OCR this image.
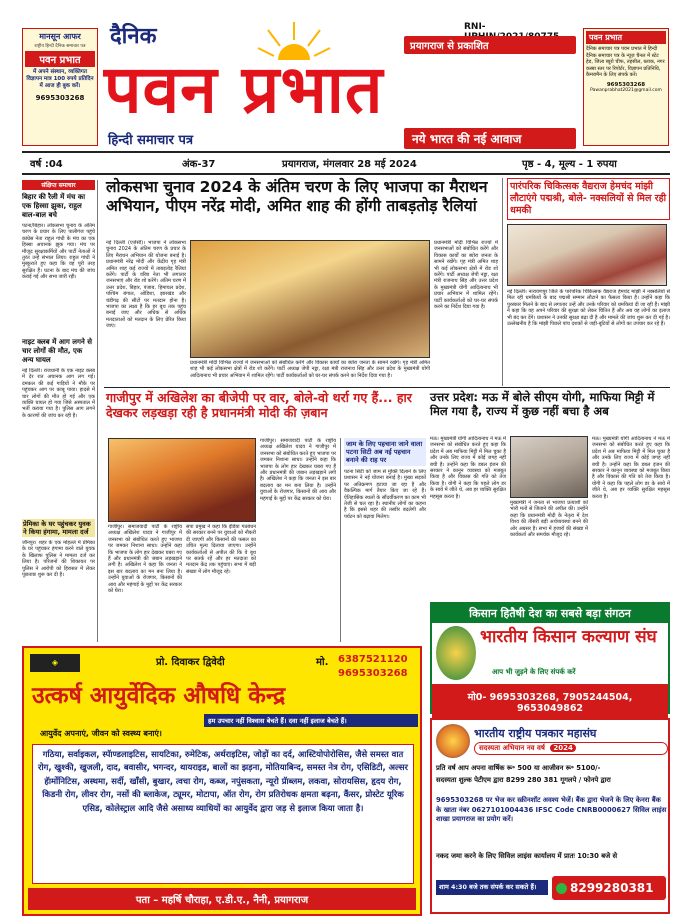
मानसून आफर
राष्ट्रीय हिन्दी दैनिक समाचार पत्र
पवन प्रभात
में अपने संस्थान, व्यक्तिगत विज्ञापन मात्र 100 रुपये प्रतिदिन में आज ही बुक करें।
9695303268
दैनिक	RNI-
प्रयागराज से प्रकाशित
पवन प्रभात
हिन्दी समाचार पत्र	नये भारत की नई आवाज
पवन प्रभात
दैनिक समाचार पत्र पवन प्रभात में हिन्दी दैनिक समाचार पत्र के न्यूज़ चैनल में स्टेट हेड, जिला ब्यूरो चीफ, तहसील, ब्लाक, नगर कस्बा स्तर पर रिपोर्टर, विज्ञापन प्रतिनिधि, कैमरामैन के लिए संपर्क करें।
9695303268
Pawanprabhat2021@gmail.com
वर्ष :04	अंक-37	प्रयागराज, मंगलवार 28 मई 2024	पृष्ठ - 4, मूल्य - 1 रुपया
संक्षिप्त समाचार
बिहार की रैली में मंच का एक हिस्सा झुका, राहुल बाल-बाल बचे
पटना/बिहार। लोकसभा चुनाव के अंतिम चरण के प्रचार के लिए पालीगंज पहुंचे कांग्रेस नेता राहुल गांधी के मंच का एक हिस्सा अचानक झुक गया। मंच पर मौजूद सुरक्षाकर्मियों और पार्टी नेताओं ने तुरंत उन्हें संभाल लिया। राहुल गांधी ने मुस्कुराते हुए कहा कि वह पूरी तरह सुरक्षित हैं। घटना के बाद मंच की जांच कराई गई और सभा जारी रही।
नाइट क्लब में आग लगने से चार लोगों की मौत, एक अन्य घायल
नई दिल्ली। राजधानी के एक नाइट क्लब में देर रात अचानक आग लग गई। दमकल की कई गाड़ियों ने मौके पर पहुंचकर आग पर काबू पाया। हादसे में चार लोगों की मौत हो गई और एक व्यक्ति घायल हो गया जिसे अस्पताल में भर्ती कराया गया है। पुलिस आग लगने के कारणों की जांच कर रही है।
प्रेमिका के घर पहुंचकर युवक ने किया हंगामा, मामला दर्ज
जौनपुर। शहर के एक मोहल्ले में प्रेमिका के घर पहुंचकर हंगामा करने वाले युवक के खिलाफ पुलिस ने मामला दर्ज कर लिया है। परिजनों की शिकायत पर पुलिस ने आरोपी को हिरासत में लेकर पूछताछ शुरू कर दी है।
लोकसभा चुनाव 2024 के अंतिम चरण के लिए भाजपा का मैराथन अभियान, पीएम नरेंद्र मोदी, अमित शाह की होंगी ताबड़तोड़ रैलियां
नई दिल्ली (एजेंसी)। भाजपा ने लोकसभा चुनाव 2024 के अंतिम चरण के प्रचार के लिए मैराथन अभियान की योजना बनाई है। प्रधानमंत्री नरेंद्र मोदी और केंद्रीय गृह मंत्री अमित शाह कई राज्यों में ताबड़तोड़ रैलियां करेंगे। पार्टी के वरिष्ठ नेता भी लगातार जनसभाएं और रोड शो करेंगे। अंतिम चरण में उत्तर प्रदेश, बिहार, पंजाब, हिमाचल प्रदेश, पश्चिम बंगाल, ओडिशा, झारखंड और चंडीगढ़ की सीटों पर मतदान होना है। भाजपा का लक्ष्य है कि हर बूथ तक पहुंच बनाई जाए और अधिक से अधिक मतदाताओं को मतदान के लिए प्रेरित किया जाए।
प्रधानमंत्री मोदी विभिन्न राज्यों में जनसभाओं को संबोधित करेंगे और विकास कार्यों का ब्योरा जनता के सामने रखेंगे। गृह मंत्री अमित शाह भी कई लोकसभा क्षेत्रों में रोड शो करेंगे। पार्टी अध्यक्ष जेपी नड्डा, रक्षा मंत्री राजनाथ सिंह और उत्तर प्रदेश के मुख्यमंत्री योगी आदित्यनाथ भी प्रचार अभियान में शामिल रहेंगे। पार्टी कार्यकर्ताओं को घर-घर संपर्क करने का निर्देश दिया गया है।
प्रधानमंत्री मोदी विभिन्न राज्यों में जनसभाओं को संबोधित करेंगे और विकास कार्यों का ब्योरा जनता के सामने रखेंगे। गृह मंत्री अमित शाह भी कई लोकसभा क्षेत्रों में रोड शो करेंगे। पार्टी अध्यक्ष जेपी नड्डा, रक्षा मंत्री राजनाथ सिंह और उत्तर प्रदेश के मुख्यमंत्री योगी आदित्यनाथ भी प्रचार अभियान में शामिल रहेंगे। पार्टी कार्यकर्ताओं को घर-घर संपर्क करने का निर्देश दिया गया है।
पारंपरिक चिकित्सक वैद्यराज हेमचंद मांझी लौटाएंगे पद्मश्री, बोले- नक्सलियों से मिल रही धमकी
नई दिल्ली। नारायणपुर जिले के पारंपरिक चिकित्सक वैद्यराज हेमचंद मांझी ने नक्सलियों से मिल रही धमकियों के बाद पद्मश्री सम्मान लौटाने का फैसला किया है। उन्होंने कहा कि पुरस्कार मिलने के बाद से लगातार उन्हें और उनके परिवार को धमकियां दी जा रही हैं। मांझी ने कहा कि वह अपने परिवार की सुरक्षा को लेकर चिंतित हैं और अब वह लोगों का इलाज भी बंद कर देंगे। प्रशासन ने उनकी सुरक्षा बढ़ा दी है और मामले की जांच शुरू कर दी गई है। उल्लेखनीय है कि मांझी पिछले पांच दशकों से जड़ी-बूटियों से लोगों का उपचार कर रहे हैं।
गाजीपुर में अखिलेश का बीजेपी पर वार, बोले-वो थर्रा गए हैं... हार देखकर लड़खड़ा रही है प्रधानमंत्री मोदी की ज़बान
गाजीपुर। समाजवादी पार्टी के राष्ट्रीय अध्यक्ष अखिलेश यादव ने गाजीपुर में जनसभा को संबोधित करते हुए भाजपा पर जमकर निशाना साधा। उन्होंने कहा कि भाजपा के लोग हार देखकर घबरा गए हैं और प्रधानमंत्री की जबान लड़खड़ाने लगी है। अखिलेश ने कहा कि जनता ने इस बार बदलाव का मन बना लिया है। उन्होंने युवाओं के रोजगार, किसानों की आय और महंगाई के मुद्दों पर केंद्र सरकार को घेरा।
सपा प्रमुख ने कहा कि इंडिया गठबंधन की सरकार बनने पर युवाओं को नौकरी दी जाएगी और किसानों की फसल का उचित मूल्य दिलाया जाएगा। उन्होंने कार्यकर्ताओं से अपील की कि वे बूथ पर सतर्क रहें और हर मतदाता को मतदान केंद्र तक पहुंचाएं। सभा में बड़ी संख्या में लोग मौजूद रहे।
गाजीपुर। समाजवादी पार्टी के राष्ट्रीय अध्यक्ष अखिलेश यादव ने गाजीपुर में जनसभा को संबोधित करते हुए भाजपा पर जमकर निशाना साधा। उन्होंने कहा कि भाजपा के लोग हार देखकर घबरा गए हैं और प्रधानमंत्री की जबान लड़खड़ाने लगी है। अखिलेश ने कहा कि जनता ने इस बार बदलाव का मन बना लिया है। उन्होंने युवाओं के रोजगार, किसानों की आय और महंगाई के मुद्दों पर केंद्र सरकार को घेरा।
जाम के लिए पहचाना जाने वाला पटना सिटी अब नई पहचान बनाने की राह पर
पटना सिटी को जाम से मुक्ति दिलाने के लिए प्रशासन ने नई योजना बनाई है। मुख्य सड़कों पर अतिक्रमण हटाया जा रहा है और वैकल्पिक मार्ग तैयार किए जा रहे हैं। ऐतिहासिक स्थलों के सौंदर्यीकरण का काम भी तेजी से चल रहा है। स्थानीय लोगों का कहना है कि इससे शहर की तस्वीर बदलेगी और पर्यटन को बढ़ावा मिलेगा।
उत्तर प्रदेश: मऊ में बोले सीएम योगी, माफिया मिट्टी में मिल गया है, राज्य में कुछ नहीं बचा है अब
मऊ। मुख्यमंत्री योगी आदित्यनाथ ने मऊ में जनसभा को संबोधित करते हुए कहा कि प्रदेश में अब माफिया मिट्टी में मिल चुका है और उनके लिए राज्य में कोई जगह नहीं बची है। उन्होंने कहा कि डबल इंजन की सरकार ने कानून व्यवस्था को मजबूत किया है और विकास की गति को तेज किया है। योगी ने कहा कि पहले लोग डर के साये में जीते थे, अब हर व्यक्ति सुरक्षित महसूस करता है।
मुख्यमंत्री ने जनता से भाजपा प्रत्याशी को भारी मतों से जिताने की अपील की। उन्होंने कहा कि प्रधानमंत्री मोदी के नेतृत्व में देश विश्व की तीसरी बड़ी अर्थव्यवस्था बनने की ओर अग्रसर है। सभा में हजारों की संख्या में कार्यकर्ता और समर्थक मौजूद रहे।
मऊ। मुख्यमंत्री योगी आदित्यनाथ ने मऊ में जनसभा को संबोधित करते हुए कहा कि प्रदेश में अब माफिया मिट्टी में मिल चुका है और उनके लिए राज्य में कोई जगह नहीं बची है। उन्होंने कहा कि डबल इंजन की सरकार ने कानून व्यवस्था को मजबूत किया है और विकास की गति को तेज किया है। योगी ने कहा कि पहले लोग डर के साये में जीते थे, अब हर व्यक्ति सुरक्षित महसूस करता है।
किसान हितैषी देश का सबसे बड़ा संगठन
भारतीय किसान कल्याण संघ
आप भी जुड़ने के लिए संपर्क करें
मो0- 9695303268, 7905244504, 9653049862
◈	प्रो. दिवाकर द्विवेदी	मो. 6387521120
9695303268
उत्कर्ष आयुर्वेदिक औषधि केन्द्र
हम उपचार नहीं विश्वास बेचते हैं। दवा नहीं इलाज बेचते हैं।
आयुर्वेद अपनाएं, जीवन को स्वस्थ्य बनाएं।
गठिया, सर्वाइकल, स्पॅाण्डलाइटिस, सायटिका, रुमेटिक, अर्थराइटिस, जोड़ों का दर्द, आस्टियोपोरोसिस, जैसे समस्त वात रोग, खुश्की, खुजली, दाद, बवासीर, भगन्दर, थायराइड, बालों का झड़ना, मोतियाबिन्द, समस्त नेत्र रोग, एसिडिटी, अल्सर हॅार्मोनिटिस, अस्थमा, सर्दी, खाँसी, बुखार, त्वचा रोग, कब्ज, नपुंसकता, न्यूरो प्रॅाब्लम, लकवा, सोरायसिस, हृदय रोग, किडनी रोग, लीवर रोग, नसों की ब्लाकेज, ट्यूमर, मोटापा, ऑत रोग, रोग प्रतिरोधक क्षमता बढ़ना, कैंसर, प्रोस्टेट यूरिक एसिड, कोलेस्ट्राल आदि जैसे असाध्य व्याधियों का आयुर्वेद द्वारा जड़ से इलाज किया जाता है।
पता – महर्षि चौराहा, ए.डी.ए., नैनी, प्रयागराज
भारतीय राष्ट्रीय पत्रकार महासंघ
सदस्यता अभियान नव वर्ष 2024
प्रति वर्ष आप अपना वार्षिक रू॰ 500 या आजीवन रू॰ 5100/-
सदस्यता शुल्क पेटीएम द्वारा 8299 280 381 गूगलपे / फोनपे द्वारा
9695303268 पर भेज कर स्क्रीनशॉट अवश्य भेजें। बैंक द्वारा भेजने के लिए केनरा बैंक के खाता नंबर 0627101004436 IFSC Code CNRB0000627 सिविल लाइंस शाखा प्रयागराज का प्रयोग करें।
नकद जमा करने के लिए सिविल लाइंस कार्यालय में प्रातः 10:30 बजे से
शाम 4:30 बजे तक संपर्क कर सकते हैं।	8299280381
